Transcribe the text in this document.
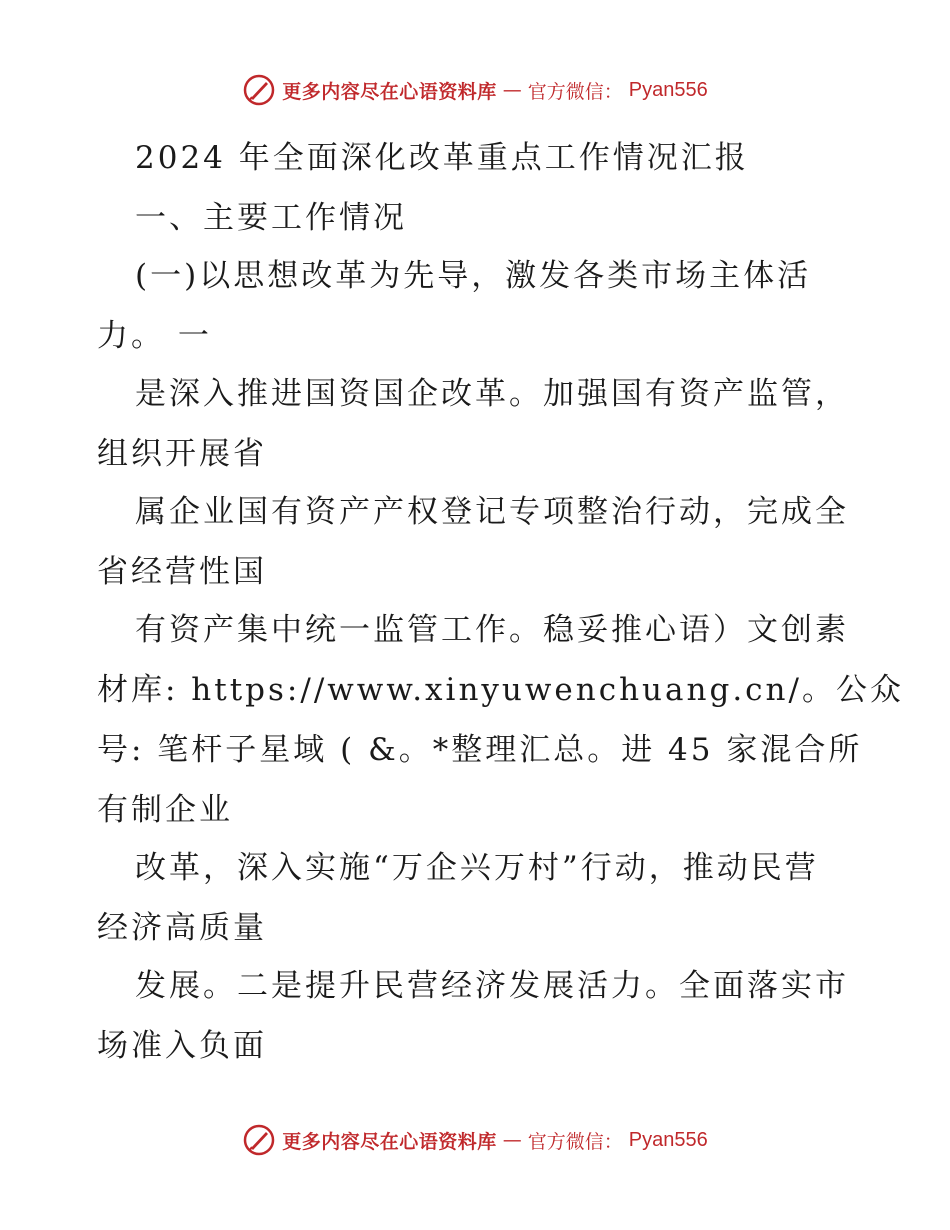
更多内容尽在心语资料库 — 官方微信： Pyan556
2024 年全面深化改革重点工作情况汇报
一、主要工作情况
(一)以思想改革为先导，激发各类市场主体活
力。 一
是深入推进国资国企改革。加强国有资产监管，
组织开展省
属企业国有资产产权登记专项整治行动，完成全
省经营性国
有资产集中统一监管工作。稳妥推心语）文创素
材库: https://www.xinyuwenchuang.cn/。公众
号: 笔杆子星域 ( &。*整理汇总。进 45 家混合所
有制企业
改革，深入实施“万企兴万村”行动，推动民营
经济高质量
发展。二是提升民营经济发展活力。全面落实市
场准入负面
更多内容尽在心语资料库 — 官方微信： Pyan556
